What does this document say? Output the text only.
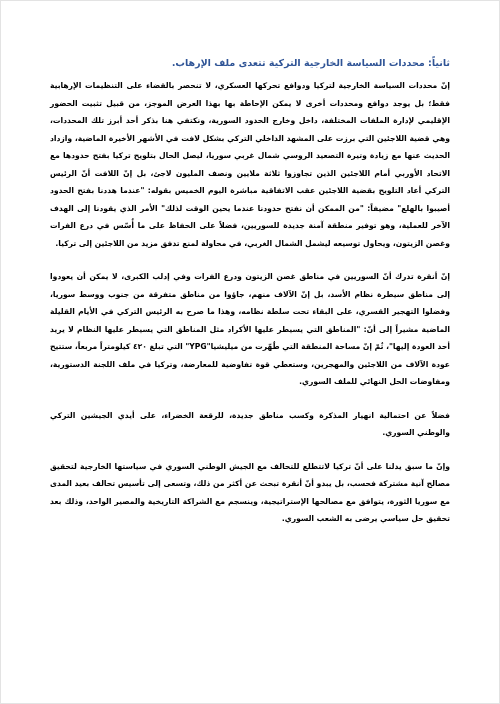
ثانياً: محددات السياسة الخارجية التركية تتعدى ملف الإرهاب.

إنّ محددات السياسة الخارجية لتركيا ودوافع تحركها العسكري، لا تنحصر بالقضاء على التنظيمات الإرهابية فقط؛ بل يوجد دوافع ومحددات أخرى لا يمكن الإحاطة بها بهذا العرض الموجز، من قبيل تثبيت الحضور الإقليمي لإدارة الملفات المختلفة، داخل وخارج الحدود السورية، ونكتفي هنا بذكر أحد أبرز تلك المحددات، وهي قضية اللاجئين التي برزت على المشهد الداخلي التركي بشكل لافت في الأشهر الأخيرة الماضية، وازداد الحديث عنها مع زيادة وتيرة التصعيد الروسي شمال غربي سوريا، ليصل الحال بتلويح تركيا بفتح حدودها مع الاتحاد الأوربي أمام اللاجئين الذين تجاوزوا ثلاثة ملايين ونصف المليون لاجئ، بل إنّ اللافت أنّ الرئيس التركي أعاد التلويح بقضية اللاجئين عقب الاتفاقية مباشرة اليوم الخميس بقوله: "عندما هددنا بفتح الحدود أصيبوا بالهلع" مضيفاً: "من الممكن أن نفتح حدودنا عندما يحين الوقت لذلك" الأمر الذي يقودنا إلى الهدف الآخر للعملية، وهو توفير منطقة آمنة جديدة للسوريين، فضلاً على الحفاظ على ما أُسّس في درع الفرات وغصن الزيتون، ويحاول توسيعه ليشمل الشمال الغربي، في محاولة لمنع تدفق مزيد من اللاجئين إلى تركيا.

إنّ أنقرة تدرك أنّ السوريين في مناطق غصن الزيتون ودرع الفرات وفي إدلب الكبرى، لا يمكن أن يعودوا إلى مناطق سيطرة نظام الأسد، بل إنّ الآلاف منهم، جاؤوا من مناطق متفرقة من جنوب ووسط سوريا، وفضلوا التهجير القسري، على البقاء تحت سلطة نظامه، وهذا ما صرح به الرئيس التركي في الأيام القليلة الماضية مشيراً إلى أنّ: "المناطق التي يسيطر عليها الأكراد مثل المناطق التي يسيطر عليها النظام لا يريد أحد العودة إليها"، ثُمّ إنّ مساحة المنطقة التي طُهّرت من ميليشيا"YPG" التي تبلغ ٤٢٠ كيلومتراً مربعاً، ستتيح عودة الآلاف من اللاجئين والمهجرين، وستعطي قوة تفاوضية للمعارضة، وتركيا في ملف اللجنة الدستورية، ومفاوضات الحل النهائي للملف السوري.

فضلاً عن احتمالية انهيار المذكرة وكسب مناطق جديدة، للرقعة الخضراء، على أيدي الجيشين التركي والوطني السوري.

وإنّ ما سبق يدلنا على أنّ تركيا لاتتطلع للتحالف مع الجيش الوطني السوري في سياستها الخارجية لتحقيق مصالح آنية مشتركة فحسب، بل يبدو أنّ أنقرة تبحث عن أكثر من ذلك، وتسعى إلى تأسيس تحالف بعيد المدى مع سوريا الثورة، يتوافق مع مصالحها الإستراتيجية، وينسجم مع الشراكة التاريخية والمصير الواحد، وذلك بعد تحقيق حل سياسي يرضى به الشعب السوري.
